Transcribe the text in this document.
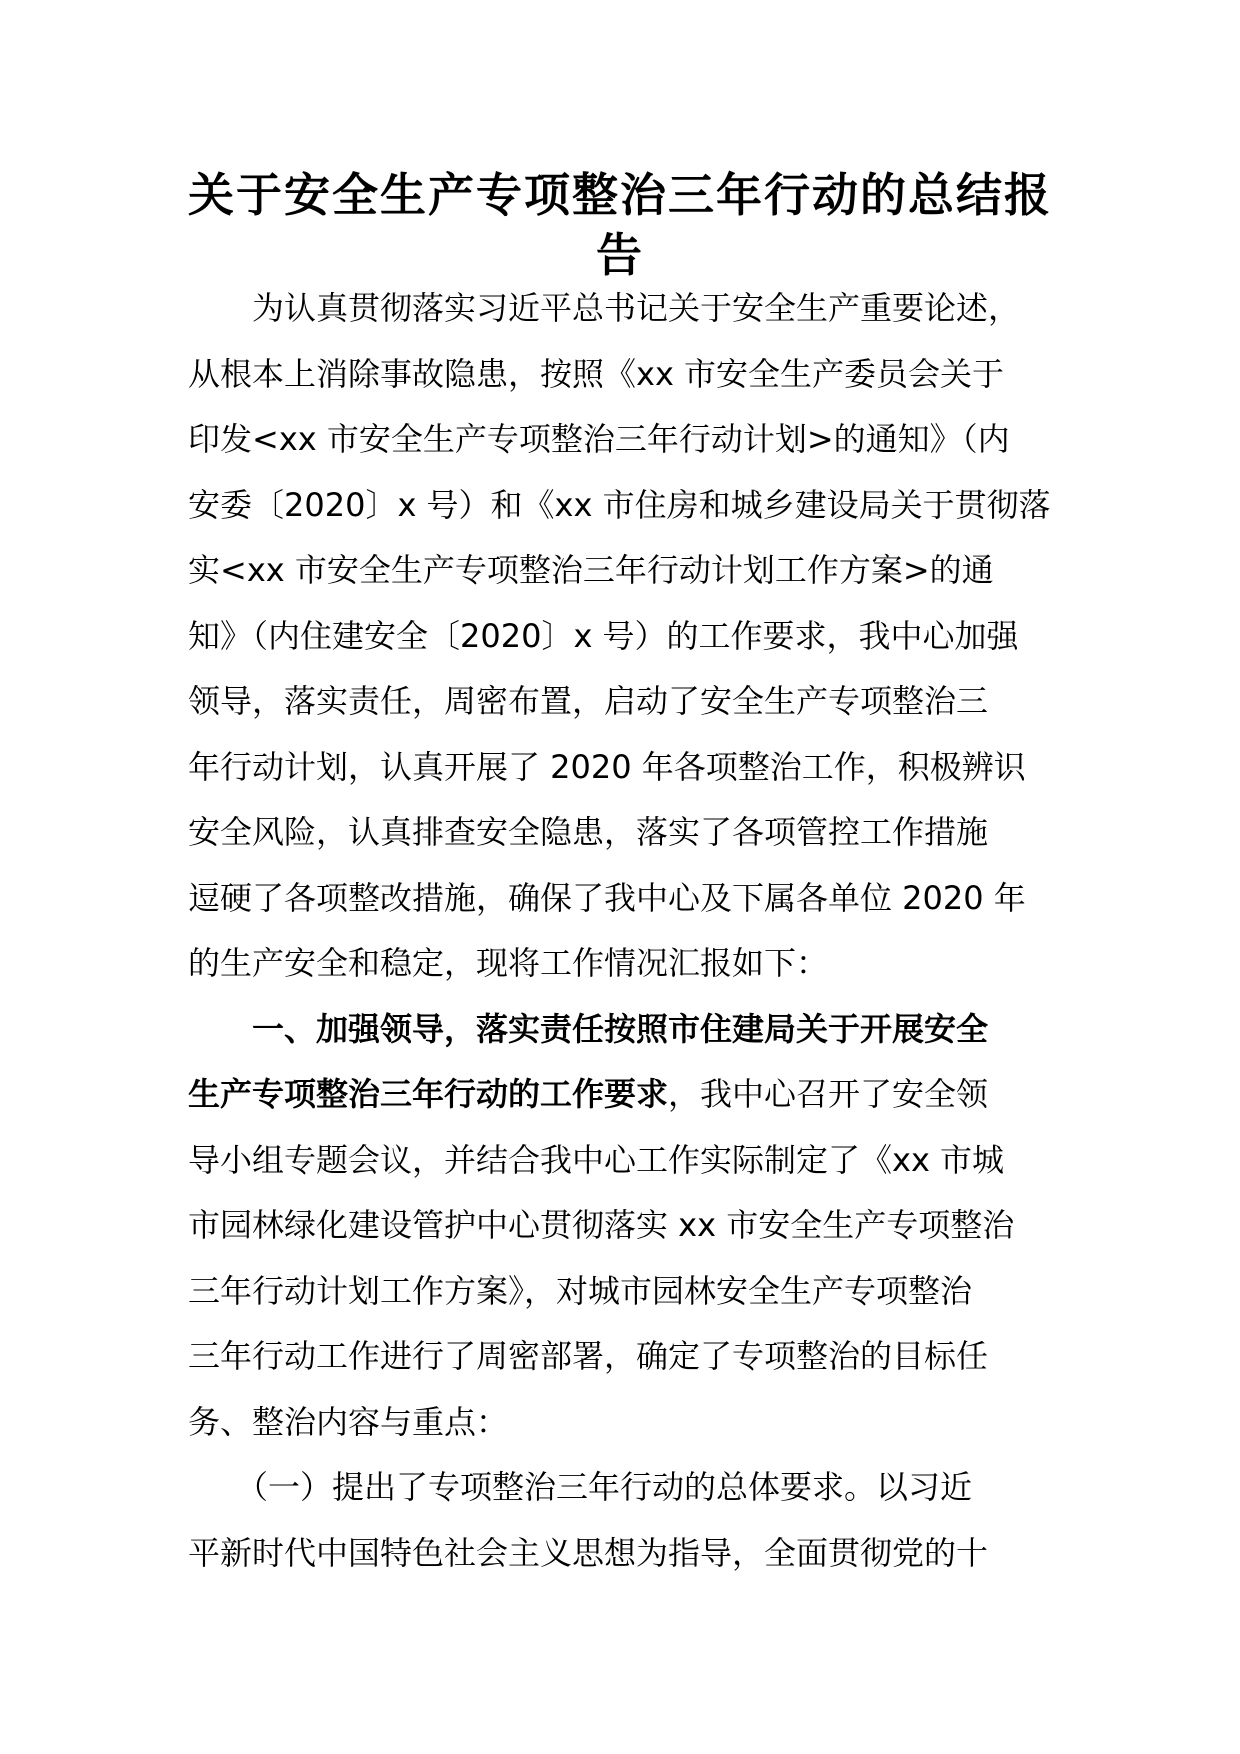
关于安全生产专项整治三年行动的总结报
告
　　为认真贯彻落实习近平总书记关于安全生产重要论述，
从根本上消除事故隐患，按照《xx 市安全生产委员会关于
印发<xx 市安全生产专项整治三年行动计划>的通知》（内
安委〔2020〕x 号）和《xx 市住房和城乡建设局关于贯彻落
实<xx 市安全生产专项整治三年行动计划工作方案>的通
知》（内住建安全〔2020〕x 号）的工作要求，我中心加强
领导，落实责任，周密布置，启动了安全生产专项整治三
年行动计划，认真开展了 2020 年各项整治工作，积极辨识
安全风险，认真排查安全隐患，落实了各项管控工作措施
逗硬了各项整改措施，确保了我中心及下属各单位 2020 年
的生产安全和稳定，现将工作情况汇报如下：
　　一、加强领导，落实责任按照市住建局关于开展安全
生产专项整治三年行动的工作要求，我中心召开了安全领
导小组专题会议，并结合我中心工作实际制定了《xx 市城
市园林绿化建设管护中心贯彻落实 xx 市安全生产专项整治
三年行动计划工作方案》，对城市园林安全生产专项整治
三年行动工作进行了周密部署，确定了专项整治的目标任
务、整治内容与重点：
　　（一）提出了专项整治三年行动的总体要求。以习近
平新时代中国特色社会主义思想为指导，全面贯彻党的十
